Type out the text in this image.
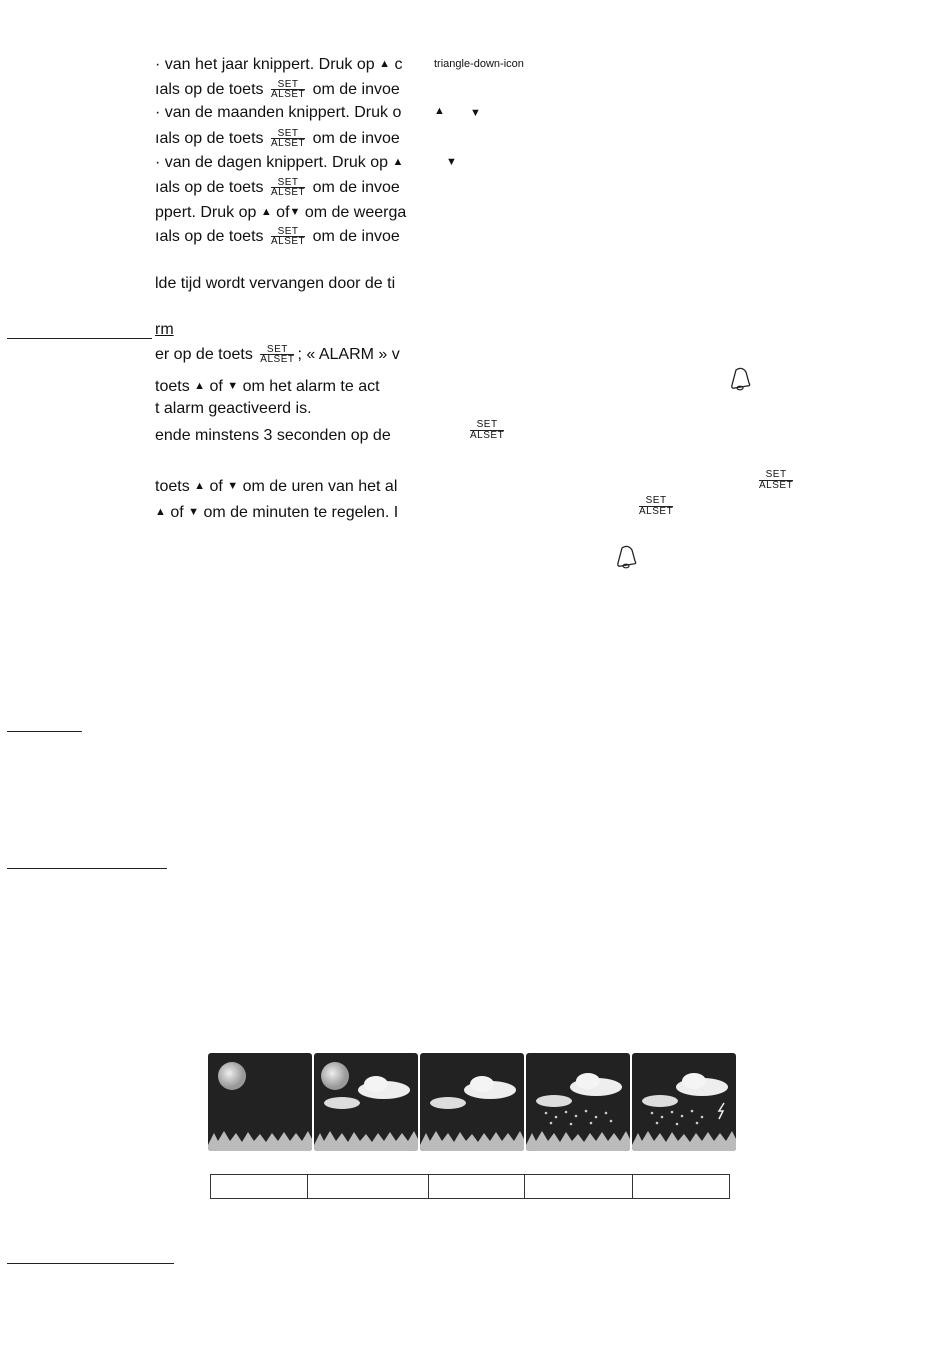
· van het jaar knippert. Druk op ▲ c
ıals op de toets SET
ALSET om de invoe
· van de maanden knippert. Druk o
ıals op de toets SET
ALSET om de invoe
· van de dagen knippert. Druk op ▲
ıals op de toets SET
ALSET om de invoe
ppert. Druk op ▲ of▼ om de weerga
ıals op de toets SET
ALSET om de invoe
lde tijd wordt vervangen door de ti
rm
er op de toets SET
ALSET ; « ALARM » v
toets ▲ of ▼ om het alarm te act
t alarm geactiveerd is.
ende minstens 3 seconden op de
toets ▲ of ▼ om de uren van het al
▲ of ▼ om de minuten te regelen. I
triangle-down-icon
▲ ▼
▼
SET
ALSET
SET
ALSET
SET
ALSET
